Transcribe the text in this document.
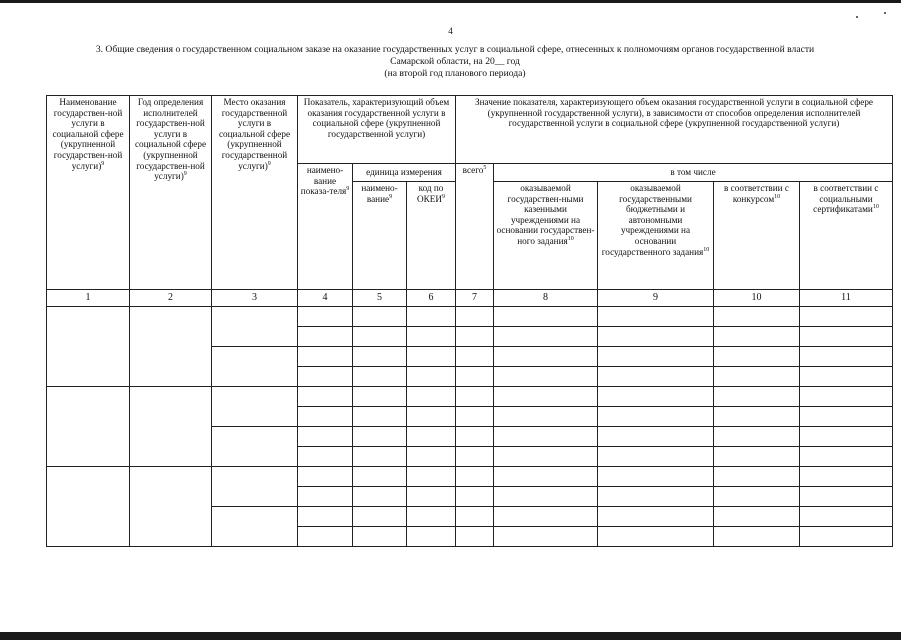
4
3. Общие сведения о государственном социальном заказе на оказание государственных услуг в социальной сфере, отнесенных к полномочиям органов государственной власти
Самарской области, на 20__ год
(на второй год планового периода)
Наименование государствен-ной услуги в социальной сфере (укрупненной государствен-ной услуги)$^9$	Год определения исполнителей государствен-ной услуги в социальной сфере (укрупненной государствен-ной услуги)$^9$	Место оказания государственной услуги в социальной сфере (укрупненной государственной услуги)$^9$	Показатель, характеризующий объем оказания государственной услуги в социальной сфере (укрупненной государственной услуги)			Значение показателя, характеризующего объем оказания государственной услуги в социальной сфере (укрупненной государственной услуги), в зависимости от способов определения исполнителей государственной услуги в социальной сфере (укрупненной государственной услуги)				
			наимено-вание показа-теля$^9$	единица измерения		всего$^5$	в том числе			
				наимено-вание$^9$	код по ОКЕИ$^9$		оказываемой государствен-ными казенными учреждениями на основании государствен-ного задания$^{10}$	оказываемой государственными бюджетными и автономными учреждениями на основании государственного задания$^{10}$	в соответствии с конкурсом$^{10}$	в соответствии с социальными сертификатами$^{10}$
1	2	3	4	5	6	7	8	9	10	11
